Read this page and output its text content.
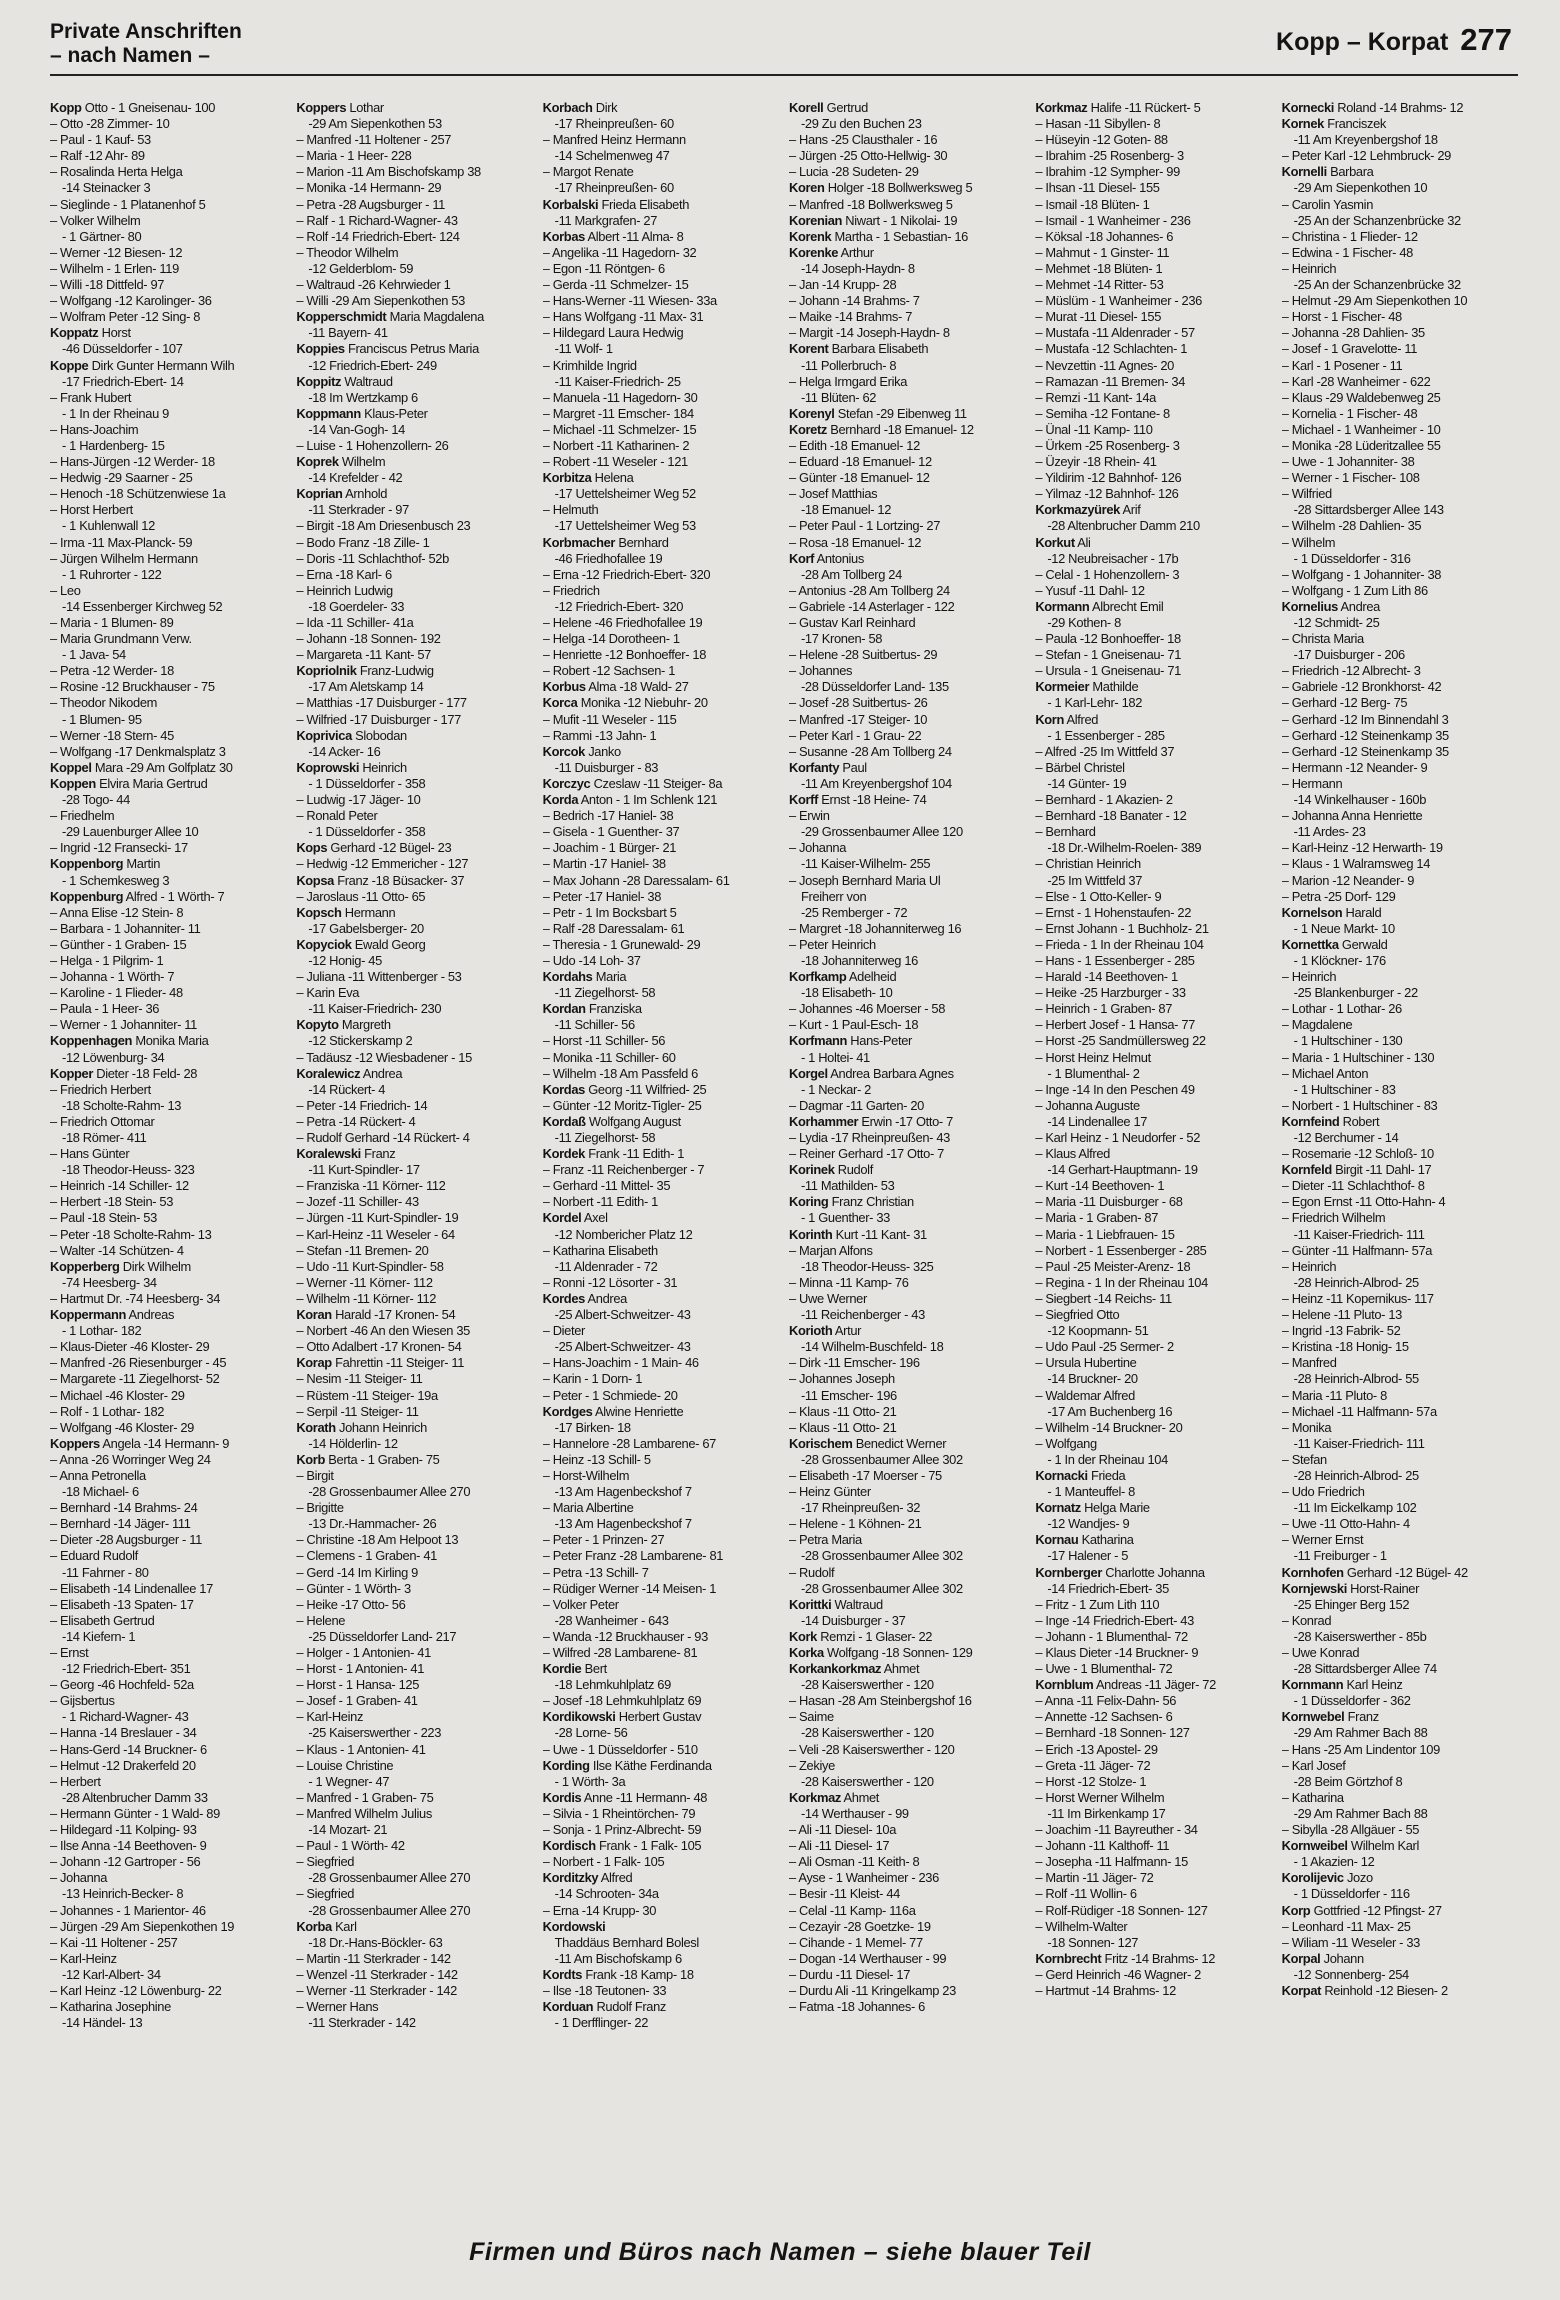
Private Anschriften
– nach Namen –	Kopp – Korpat 277
Kopp Otto - 1 Gneisenau- 100
– Otto -28 Zimmer- 10
– Paul - 1 Kauf- 53
– Ralf -12 Ahr- 89
– Rosalinda Herta Helga
-14 Steinacker 3
– Sieglinde - 1 Platanenhof 5
– Volker Wilhelm
- 1 Gärtner- 80
– Werner -12 Biesen- 12
– Wilhelm - 1 Erlen- 119
– Willi -18 Dittfeld- 97
– Wolfgang -12 Karolinger- 36
– Wolfram Peter -12 Sing- 8
Koppatz Horst
-46 Düsseldorfer - 107
Koppe Dirk Gunter Hermann Wilh
-17 Friedrich-Ebert- 14
– Frank Hubert
- 1 In der Rheinau 9
– Hans-Joachim
- 1 Hardenberg- 15
– Hans-Jürgen -12 Werder- 18
– Hedwig -29 Saarner - 25
– Henoch -18 Schützenwiese 1a
– Horst Herbert
- 1 Kuhlenwall 12
– Irma -11 Max-Planck- 59
– Jürgen Wilhelm Hermann
- 1 Ruhrorter - 122
– Leo
-14 Essenberger Kirchweg 52
– Maria - 1 Blumen- 89
– Maria Grundmann Verw.
- 1 Java- 54
– Petra -12 Werder- 18
– Rosine -12 Bruckhauser - 75
– Theodor Nikodem
- 1 Blumen- 95
– Werner -18 Stern- 45
– Wolfgang -17 Denkmalsplatz 3
Koppel Mara -29 Am Golfplatz 30
Koppen Elvira Maria Gertrud
-28 Togo- 44
– Friedhelm
-29 Lauenburger Allee 10
– Ingrid -12 Fransecki- 17
Koppenborg Martin
- 1 Schemkesweg 3
Koppenburg Alfred - 1 Wörth- 7
– Anna Elise -12 Stein- 8
– Barbara - 1 Johanniter- 11
– Günther - 1 Graben- 15
– Helga - 1 Pilgrim- 1
– Johanna - 1 Wörth- 7
– Karoline - 1 Flieder- 48
– Paula - 1 Heer- 36
– Werner - 1 Johanniter- 11
Koppenhagen Monika Maria
-12 Löwenburg- 34
Kopper Dieter -18 Feld- 28
– Friedrich Herbert
-18 Scholte-Rahm- 13
– Friedrich Ottomar
-18 Römer- 411
– Hans Günter
-18 Theodor-Heuss- 323
– Heinrich -14 Schiller- 12
– Herbert -18 Stein- 53
– Paul -18 Stein- 53
– Peter -18 Scholte-Rahm- 13
– Walter -14 Schützen- 4
Kopperberg Dirk Wilhelm
-74 Heesberg- 34
– Hartmut Dr. -74 Heesberg- 34
Koppermann Andreas
- 1 Lothar- 182
– Klaus-Dieter -46 Kloster- 29
– Manfred -26 Riesenburger - 45
– Margarete -11 Ziegelhorst- 52
– Michael -46 Kloster- 29
– Rolf - 1 Lothar- 182
– Wolfgang -46 Kloster- 29
Koppers Angela -14 Hermann- 9
– Anna -26 Worringer Weg 24
– Anna Petronella
-18 Michael- 6
– Bernhard -14 Brahms- 24
– Bernhard -14 Jäger- 111
– Dieter -28 Augsburger - 11
– Eduard Rudolf
-11 Fahrner - 80
– Elisabeth -14 Lindenallee 17
– Elisabeth -13 Spaten- 17
– Elisabeth Gertrud
-14 Kiefern- 1
– Ernst
-12 Friedrich-Ebert- 351
– Georg -46 Hochfeld- 52a
– Gijsbertus
- 1 Richard-Wagner- 43
– Hanna -14 Breslauer - 34
– Hans-Gerd -14 Bruckner- 6
– Helmut -12 Drakerfeld 20
– Herbert
-28 Altenbrucher Damm 33
– Hermann Günter - 1 Wald- 89
– Hildegard -11 Kolping- 93
– Ilse Anna -14 Beethoven- 9
– Johann -12 Gartroper - 56
– Johanna
-13 Heinrich-Becker- 8
– Johannes - 1 Marientor- 46
– Jürgen -29 Am Siepenkothen 19
– Kai -11 Holtener - 257
– Karl-Heinz
-12 Karl-Albert- 34
– Karl Heinz -12 Löwenburg- 22
– Katharina Josephine
-14 Händel- 13
Koppers Lothar
-29 Am Siepenkothen 53
– Manfred -11 Holtener - 257
– Maria - 1 Heer- 228
– Marion -11 Am Bischofskamp 38
– Monika -14 Hermann- 29
– Petra -28 Augsburger - 11
– Ralf - 1 Richard-Wagner- 43
– Rolf -14 Friedrich-Ebert- 124
– Theodor Wilhelm
-12 Gelderblom- 59
– Waltraud -26 Kehrwieder 1
– Willi -29 Am Siepenkothen 53
Kopperschmidt Maria Magdalena
-11 Bayern- 41
Koppies Franciscus Petrus Maria
-12 Friedrich-Ebert- 249
Koppitz Waltraud
-18 Im Wertzkamp 6
Koppmann Klaus-Peter
-14 Van-Gogh- 14
– Luise - 1 Hohenzollern- 26
Koprek Wilhelm
-14 Krefelder - 42
Koprian Arnhold
-11 Sterkrader - 97
– Birgit -18 Am Driesenbusch 23
– Bodo Franz -18 Zille- 1
– Doris -11 Schlachthof- 52b
– Erna -18 Karl- 6
– Heinrich Ludwig
-18 Goerdeler- 33
– Ida -11 Schiller- 41a
– Johann -18 Sonnen- 192
– Margareta -11 Kant- 57
Kopriolnik Franz-Ludwig
-17 Am Aletskamp 14
– Matthias -17 Duisburger - 177
– Wilfried -17 Duisburger - 177
Koprivica Slobodan
-14 Acker- 16
Koprowski Heinrich
- 1 Düsseldorfer - 358
– Ludwig -17 Jäger- 10
– Ronald Peter
- 1 Düsseldorfer - 358
Kops Gerhard -12 Bügel- 23
– Hedwig -12 Emmericher - 127
Kopsa Franz -18 Büsacker- 37
– Jaroslaus -11 Otto- 65
Kopsch Hermann
-17 Gabelsberger- 20
Kopyciok Ewald Georg
-12 Honig- 45
– Juliana -11 Wittenberger - 53
– Karin Eva
-11 Kaiser-Friedrich- 230
Kopyto Margreth
-12 Stickerskamp 2
– Tadäusz -12 Wiesbadener - 15
Koralewicz Andrea
-14 Rückert- 4
– Peter -14 Friedrich- 14
– Petra -14 Rückert- 4
– Rudolf Gerhard -14 Rückert- 4
Koralewski Franz
-11 Kurt-Spindler- 17
– Franziska -11 Körner- 112
– Jozef -11 Schiller- 43
– Jürgen -11 Kurt-Spindler- 19
– Karl-Heinz -11 Weseler - 64
– Stefan -11 Bremen- 20
– Udo -11 Kurt-Spindler- 58
– Werner -11 Körner- 112
– Wilhelm -11 Körner- 112
Koran Harald -17 Kronen- 54
– Norbert -46 An den Wiesen 35
– Otto Adalbert -17 Kronen- 54
Korap Fahrettin -11 Steiger- 11
– Nesim -11 Steiger- 11
– Rüstem -11 Steiger- 19a
– Serpil -11 Steiger- 11
Korath Johann Heinrich
-14 Hölderlin- 12
Korb Berta - 1 Graben- 75
– Birgit
-28 Grossenbaumer Allee 270
– Brigitte
-13 Dr.-Hammacher- 26
– Christine -18 Am Helpoot 13
– Clemens - 1 Graben- 41
– Gerd -14 Im Kirling 9
– Günter - 1 Wörth- 3
– Heike -17 Otto- 56
– Helene
-25 Düsseldorfer Land- 217
– Holger - 1 Antonien- 41
– Horst - 1 Antonien- 41
– Horst - 1 Hansa- 125
– Josef - 1 Graben- 41
– Karl-Heinz
-25 Kaiserswerther - 223
– Klaus - 1 Antonien- 41
– Louise Christine
- 1 Wegner- 47
– Manfred - 1 Graben- 75
– Manfred Wilhelm Julius
-14 Mozart- 21
– Paul - 1 Wörth- 42
– Siegfried
-28 Grossenbaumer Allee 270
– Siegfried
-28 Grossenbaumer Allee 270
Korba Karl
-18 Dr.-Hans-Böckler- 63
– Martin -11 Sterkrader - 142
– Wenzel -11 Sterkrader - 142
– Werner -11 Sterkrader - 142
– Werner Hans
-11 Sterkrader - 142
Korbach Dirk
-17 Rheinpreußen- 60
– Manfred Heinz Hermann
-14 Schelmenweg 47
– Margot Renate
-17 Rheinpreußen- 60
Korbalski Frieda Elisabeth
-11 Markgrafen- 27
Korbas Albert -11 Alma- 8
– Angelika -11 Hagedorn- 32
– Egon -11 Röntgen- 6
– Gerda -11 Schmelzer- 15
– Hans-Werner -11 Wiesen- 33a
– Hans Wolfgang -11 Max- 31
– Hildegard Laura Hedwig
-11 Wolf- 1
– Krimhilde Ingrid
-11 Kaiser-Friedrich- 25
– Manuela -11 Hagedorn- 30
– Margret -11 Emscher- 184
– Michael -11 Schmelzer- 15
– Norbert -11 Katharinen- 2
– Robert -11 Weseler - 121
Korbitza Helena
-17 Uettelsheimer Weg 52
– Helmuth
-17 Uettelsheimer Weg 53
Korbmacher Bernhard
-46 Friedhofallee 19
– Erna -12 Friedrich-Ebert- 320
– Friedrich
-12 Friedrich-Ebert- 320
– Helene -46 Friedhofallee 19
– Helga -14 Dorotheen- 1
– Henriette -12 Bonhoeffer- 18
– Robert -12 Sachsen- 1
Korbus Alma -18 Wald- 27
Korca Monika -12 Niebuhr- 20
– Mufit -11 Weseler - 115
– Rammi -13 Jahn- 1
Korcok Janko
-11 Duisburger - 83
Korczyc Czeslaw -11 Steiger- 8a
Korda Anton - 1 Im Schlenk 121
– Bedrich -17 Haniel- 38
– Gisela - 1 Guenther- 37
– Joachim - 1 Bürger- 21
– Martin -17 Haniel- 38
– Max Johann -28 Daressalam- 61
– Peter -17 Haniel- 38
– Petr - 1 Im Bocksbart 5
– Ralf -28 Daressalam- 61
– Theresia - 1 Grunewald- 29
– Udo -14 Loh- 37
Kordahs Maria
-11 Ziegelhorst- 58
Kordan Franziska
-11 Schiller- 56
– Horst -11 Schiller- 56
– Monika -11 Schiller- 60
– Wilhelm -18 Am Passfeld 6
Kordas Georg -11 Wilfried- 25
– Günter -12 Moritz-Tigler- 25
Kordaß Wolfgang August
-11 Ziegelhorst- 58
Kordek Frank -11 Edith- 1
– Franz -11 Reichenberger - 7
– Gerhard -11 Mittel- 35
– Norbert -11 Edith- 1
Kordel Axel
-12 Nombericher Platz 12
– Katharina Elisabeth
-11 Aldenrader - 72
– Ronni -12 Lösorter - 31
Kordes Andrea
-25 Albert-Schweitzer- 43
– Dieter
-25 Albert-Schweitzer- 43
– Hans-Joachim - 1 Main- 46
– Karin - 1 Dorn- 1
– Peter - 1 Schmiede- 20
Kordges Alwine Henriette
-17 Birken- 18
– Hannelore -28 Lambarene- 67
– Heinz -13 Schill- 5
– Horst-Wilhelm
-13 Am Hagenbeckshof 7
– Maria Albertine
-13 Am Hagenbeckshof 7
– Peter - 1 Prinzen- 27
– Peter Franz -28 Lambarene- 81
– Petra -13 Schill- 7
– Rüdiger Werner -14 Meisen- 1
– Volker Peter
-28 Wanheimer - 643
– Wanda -12 Bruckhauser - 93
– Wilfred -28 Lambarene- 81
Kordie Bert
-18 Lehmkuhlplatz 69
– Josef -18 Lehmkuhlplatz 69
Kordikowski Herbert Gustav
-28 Lorne- 56
– Uwe - 1 Düsseldorfer - 510
Kording Ilse Käthe Ferdinanda
- 1 Wörth- 3a
Kordis Anne -11 Hermann- 48
– Silvia - 1 Rheintörchen- 79
– Sonja - 1 Prinz-Albrecht- 59
Kordisch Frank - 1 Falk- 105
– Norbert - 1 Falk- 105
Korditzky Alfred
-14 Schrooten- 34a
– Erna -14 Krupp- 30
Kordowski
Thaddäus Bernhard Bolesl
-11 Am Bischofskamp 6
Kordts Frank -18 Kamp- 18
– Ilse -18 Teutonen- 33
Korduan Rudolf Franz
- 1 Derfflinger- 22
Korell Gertrud
-29 Zu den Buchen 23
– Hans -25 Clausthaler - 16
– Jürgen -25 Otto-Hellwig- 30
– Lucia -28 Sudeten- 29
Koren Holger -18 Bollwerksweg 5
– Manfred -18 Bollwerksweg 5
Korenian Niwart - 1 Nikolai- 19
Korenk Martha - 1 Sebastian- 16
Korenke Arthur
-14 Joseph-Haydn- 8
– Jan -14 Krupp- 28
– Johann -14 Brahms- 7
– Maike -14 Brahms- 7
– Margit -14 Joseph-Haydn- 8
Korent Barbara Elisabeth
-11 Pollerbruch- 8
– Helga Irmgard Erika
-11 Blüten- 62
Korenyl Stefan -29 Eibenweg 11
Koretz Bernhard -18 Emanuel- 12
– Edith -18 Emanuel- 12
– Eduard -18 Emanuel- 12
– Günter -18 Emanuel- 12
– Josef Matthias
-18 Emanuel- 12
– Peter Paul - 1 Lortzing- 27
– Rosa -18 Emanuel- 12
Korf Antonius
-28 Am Tollberg 24
– Antonius -28 Am Tollberg 24
– Gabriele -14 Asterlager - 122
– Gustav Karl Reinhard
-17 Kronen- 58
– Helene -28 Suitbertus- 29
– Johannes
-28 Düsseldorfer Land- 135
– Josef -28 Suitbertus- 26
– Manfred -17 Steiger- 10
– Peter Karl - 1 Grau- 22
– Susanne -28 Am Tollberg 24
Korfanty Paul
-11 Am Kreyenbergshof 104
Korff Ernst -18 Heine- 74
– Erwin
-29 Grossenbaumer Allee 120
– Johanna
-11 Kaiser-Wilhelm- 255
– Joseph Bernhard Maria Ul
Freiherr von
-25 Remberger - 72
– Margret -18 Johanniterweg 16
– Peter Heinrich
-18 Johanniterweg 16
Korfkamp Adelheid
-18 Elisabeth- 10
– Johannes -46 Moerser - 58
– Kurt - 1 Paul-Esch- 18
Korfmann Hans-Peter
- 1 Holtei- 41
Korgel Andrea Barbara Agnes
- 1 Neckar- 2
– Dagmar -11 Garten- 20
Korhammer Erwin -17 Otto- 7
– Lydia -17 Rheinpreußen- 43
– Reiner Gerhard -17 Otto- 7
Korinek Rudolf
-11 Mathilden- 53
Koring Franz Christian
- 1 Guenther- 33
Korinth Kurt -11 Kant- 31
– Marjan Alfons
-18 Theodor-Heuss- 325
– Minna -11 Kamp- 76
– Uwe Werner
-11 Reichenberger - 43
Korioth Artur
-14 Wilhelm-Buschfeld- 18
– Dirk -11 Emscher- 196
– Johannes Joseph
-11 Emscher- 196
– Klaus -11 Otto- 21
– Klaus -11 Otto- 21
Korischem Benedict Werner
-28 Grossenbaumer Allee 302
– Elisabeth -17 Moerser - 75
– Heinz Günter
-17 Rheinpreußen- 32
– Helene - 1 Köhnen- 21
– Petra Maria
-28 Grossenbaumer Allee 302
– Rudolf
-28 Grossenbaumer Allee 302
Korittki Waltraud
-14 Duisburger - 37
Kork Remzi - 1 Glaser- 22
Korka Wolfgang -18 Sonnen- 129
Korkankorkmaz Ahmet
-28 Kaiserswerther - 120
– Hasan -28 Am Steinbergshof 16
– Saime
-28 Kaiserswerther - 120
– Veli -28 Kaiserswerther - 120
– Zekiye
-28 Kaiserswerther - 120
Korkmaz Ahmet
-14 Werthauser - 99
– Ali -11 Diesel- 10a
– Ali -11 Diesel- 17
– Ali Osman -11 Keith- 8
– Ayse - 1 Wanheimer - 236
– Besir -11 Kleist- 44
– Celal -11 Kamp- 116a
– Cezayir -28 Goetzke- 19
– Cihande - 1 Memel- 77
– Dogan -14 Werthauser - 99
– Durdu -11 Diesel- 17
– Durdu Ali -11 Kringelkamp 23
– Fatma -18 Johannes- 6
Korkmaz Halife -11 Rückert- 5
– Hasan -11 Sibyllen- 8
– Hüseyin -12 Goten- 88
– Ibrahim -25 Rosenberg- 3
– Ibrahim -12 Sympher- 99
– Ihsan -11 Diesel- 155
– Ismail -18 Blüten- 1
– Ismail - 1 Wanheimer - 236
– Köksal -18 Johannes- 6
– Mahmut - 1 Ginster- 11
– Mehmet -18 Blüten- 1
– Mehmet -14 Ritter- 53
– Müslüm - 1 Wanheimer - 236
– Murat -11 Diesel- 155
– Mustafa -11 Aldenrader - 57
– Mustafa -12 Schlachten- 1
– Nevzettin -11 Agnes- 20
– Ramazan -11 Bremen- 34
– Remzi -11 Kant- 14a
– Semiha -12 Fontane- 8
– Ünal -11 Kamp- 110
– Ürkem -25 Rosenberg- 3
– Üzeyir -18 Rhein- 41
– Yildirim -12 Bahnhof- 126
– Yilmaz -12 Bahnhof- 126
Korkmazyürek Arif
-28 Altenbrucher Damm 210
Korkut Ali
-12 Neubreisacher - 17b
– Celal - 1 Hohenzollern- 3
– Yusuf -11 Dahl- 12
Kormann Albrecht Emil
-29 Kothen- 8
– Paula -12 Bonhoeffer- 18
– Stefan - 1 Gneisenau- 71
– Ursula - 1 Gneisenau- 71
Kormeier Mathilde
- 1 Karl-Lehr- 182
Korn Alfred
- 1 Essenberger - 285
– Alfred -25 Im Wittfeld 37
– Bärbel Christel
-14 Günter- 19
– Bernhard - 1 Akazien- 2
– Bernhard -18 Banater - 12
– Bernhard
-18 Dr.-Wilhelm-Roelen- 389
– Christian Heinrich
-25 Im Wittfeld 37
– Else - 1 Otto-Keller- 9
– Ernst - 1 Hohenstaufen- 22
– Ernst Johann - 1 Buchholz- 21
– Frieda - 1 In der Rheinau 104
– Hans - 1 Essenberger - 285
– Harald -14 Beethoven- 1
– Heike -25 Harzburger - 33
– Heinrich - 1 Graben- 87
– Herbert Josef - 1 Hansa- 77
– Horst -25 Sandmüllersweg 22
– Horst Heinz Helmut
- 1 Blumenthal- 2
– Inge -14 In den Peschen 49
– Johanna Auguste
-14 Lindenallee 17
– Karl Heinz - 1 Neudorfer - 52
– Klaus Alfred
-14 Gerhart-Hauptmann- 19
– Kurt -14 Beethoven- 1
– Maria -11 Duisburger - 68
– Maria - 1 Graben- 87
– Maria - 1 Liebfrauen- 15
– Norbert - 1 Essenberger - 285
– Paul -25 Meister-Arenz- 18
– Regina - 1 In der Rheinau 104
– Siegbert -14 Reichs- 11
– Siegfried Otto
-12 Koopmann- 51
– Udo Paul -25 Sermer- 2
– Ursula Hubertine
-14 Bruckner- 20
– Waldemar Alfred
-17 Am Buchenberg 16
– Wilhelm -14 Bruckner- 20
– Wolfgang
- 1 In der Rheinau 104
Kornacki Frieda
- 1 Manteuffel- 8
Kornatz Helga Marie
-12 Wandjes- 9
Kornau Katharina
-17 Halener - 5
Kornberger Charlotte Johanna
-14 Friedrich-Ebert- 35
– Fritz - 1 Zum Lith 110
– Inge -14 Friedrich-Ebert- 43
– Johann - 1 Blumenthal- 72
– Klaus Dieter -14 Bruckner- 9
– Uwe - 1 Blumenthal- 72
Kornblum Andreas -11 Jäger- 72
– Anna -11 Felix-Dahn- 56
– Annette -12 Sachsen- 6
– Bernhard -18 Sonnen- 127
– Erich -13 Apostel- 29
– Greta -11 Jäger- 72
– Horst -12 Stolze- 1
– Horst Werner Wilhelm
-11 Im Birkenkamp 17
– Joachim -11 Bayreuther - 34
– Johann -11 Kalthoff- 11
– Josepha -11 Halfmann- 15
– Martin -11 Jäger- 72
– Rolf -11 Wollin- 6
– Rolf-Rüdiger -18 Sonnen- 127
– Wilhelm-Walter
-18 Sonnen- 127
Kornbrecht Fritz -14 Brahms- 12
– Gerd Heinrich -46 Wagner- 2
– Hartmut -14 Brahms- 12
Kornecki Roland -14 Brahms- 12
Kornek Franciszek
-11 Am Kreyenbergshof 18
– Peter Karl -12 Lehmbruck- 29
Kornelli Barbara
-29 Am Siepenkothen 10
– Carolin Yasmin
-25 An der Schanzenbrücke 32
– Christina - 1 Flieder- 12
– Edwina - 1 Fischer- 48
– Heinrich
-25 An der Schanzenbrücke 32
– Helmut -29 Am Siepenkothen 10
– Horst - 1 Fischer- 48
– Johanna -28 Dahlien- 35
– Josef - 1 Gravelotte- 11
– Karl - 1 Posener - 11
– Karl -28 Wanheimer - 622
– Klaus -29 Waldebenweg 25
– Kornelia - 1 Fischer- 48
– Michael - 1 Wanheimer - 10
– Monika -28 Lüderitzallee 55
– Uwe - 1 Johanniter- 38
– Werner - 1 Fischer- 108
– Wilfried
-28 Sittardsberger Allee 143
– Wilhelm -28 Dahlien- 35
– Wilhelm
- 1 Düsseldorfer - 316
– Wolfgang - 1 Johanniter- 38
– Wolfgang - 1 Zum Lith 86
Kornelius Andrea
-12 Schmidt- 25
– Christa Maria
-17 Duisburger - 206
– Friedrich -12 Albrecht- 3
– Gabriele -12 Bronkhorst- 42
– Gerhard -12 Berg- 75
– Gerhard -12 Im Binnendahl 3
– Gerhard -12 Steinenkamp 35
– Gerhard -12 Steinenkamp 35
– Hermann -12 Neander- 9
– Hermann
-14 Winkelhauser - 160b
– Johanna Anna Henriette
-11 Ardes- 23
– Karl-Heinz -12 Herwarth- 19
– Klaus - 1 Walramsweg 14
– Marion -12 Neander- 9
– Petra -25 Dorf- 129
Kornelson Harald
- 1 Neue Markt- 10
Kornettka Gerwald
- 1 Klöckner- 176
– Heinrich
-25 Blankenburger - 22
– Lothar - 1 Lothar- 26
– Magdalene
- 1 Hultschiner - 130
– Maria - 1 Hultschiner - 130
– Michael Anton
- 1 Hultschiner - 83
– Norbert - 1 Hultschiner - 83
Kornfeind Robert
-12 Berchumer - 14
– Rosemarie -12 Schloß- 10
Kornfeld Birgit -11 Dahl- 17
– Dieter -11 Schlachthof- 8
– Egon Ernst -11 Otto-Hahn- 4
– Friedrich Wilhelm
-11 Kaiser-Friedrich- 111
– Günter -11 Halfmann- 57a
– Heinrich
-28 Heinrich-Albrod- 25
– Heinz -11 Kopernikus- 117
– Helene -11 Pluto- 13
– Ingrid -13 Fabrik- 52
– Kristina -18 Honig- 15
– Manfred
-28 Heinrich-Albrod- 55
– Maria -11 Pluto- 8
– Michael -11 Halfmann- 57a
– Monika
-11 Kaiser-Friedrich- 111
– Stefan
-28 Heinrich-Albrod- 25
– Udo Friedrich
-11 Im Eickelkamp 102
– Uwe -11 Otto-Hahn- 4
– Werner Ernst
-11 Freiburger - 1
Kornhofen Gerhard -12 Bügel- 42
Kornjewski Horst-Rainer
-25 Ehinger Berg 152
– Konrad
-28 Kaiserswerther - 85b
– Uwe Konrad
-28 Sittardsberger Allee 74
Kornmann Karl Heinz
- 1 Düsseldorfer - 362
Kornwebel Franz
-29 Am Rahmer Bach 88
– Hans -25 Am Lindentor 109
– Karl Josef
-28 Beim Görtzhof 8
– Katharina
-29 Am Rahmer Bach 88
– Sibylla -28 Allgäuer - 55
Kornweibel Wilhelm Karl
- 1 Akazien- 12
Korolijevic Jozo
- 1 Düsseldorfer - 116
Korp Gottfried -12 Pfingst- 27
– Leonhard -11 Max- 25
– Wiliam -11 Weseler - 33
Korpal Johann
-12 Sonnenberg- 254
Korpat Reinhold -12 Biesen- 2
Firmen und Büros nach Namen – siehe blauer Teil
